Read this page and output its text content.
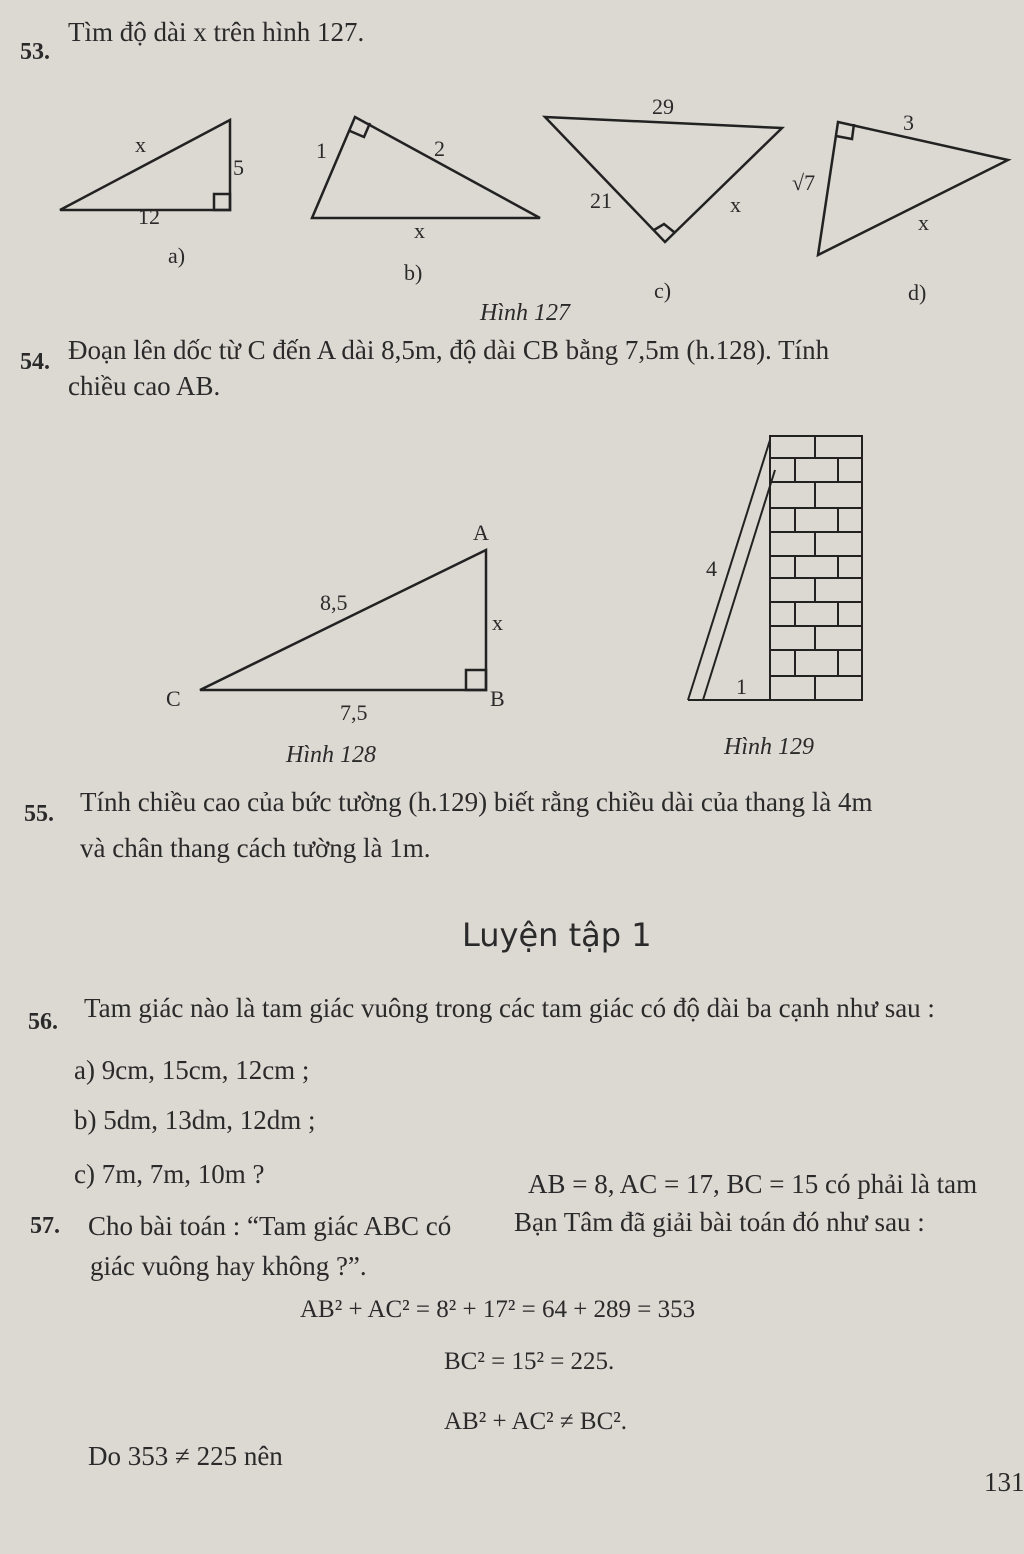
53.
Tìm độ dài x trên hình 127.
x
5
12
a)
1	2
x
b)
29
21	x
c)
3
√7
x
d)
Hình 127
54. Đoạn lên dốc từ C đến A dài 8,5m, độ dài CB bằng 7,5m (h.128). Tính
chiều cao AB.
A
B
C
8,5
7,5
x
Hình 128
4
1
Hình 129
55. Tính chiều cao của bức tường (h.129) biết rằng chiều dài của thang là 4m
và chân thang cách tường là 1m.
Luyện tập 1
56. Tam giác nào là tam giác vuông trong các tam giác có độ dài ba cạnh như sau :
a) 9cm, 15cm, 12cm ;
b) 5dm, 13dm, 12dm ;
c) 7m, 7m, 10m ?	AB = 8, AC = 17, BC = 15 có phải là tam
57. Cho bài toán : “Tam giác ABC có Bạn Tâm đã giải bài toán đó như sau :
giác vuông hay không ?”.
AB² + AC² = 8² + 17² = 64 + 289 = 353
BC² = 15² = 225.
AB² + AC² ≠ BC².
Do 353 ≠ 225 nên
131
